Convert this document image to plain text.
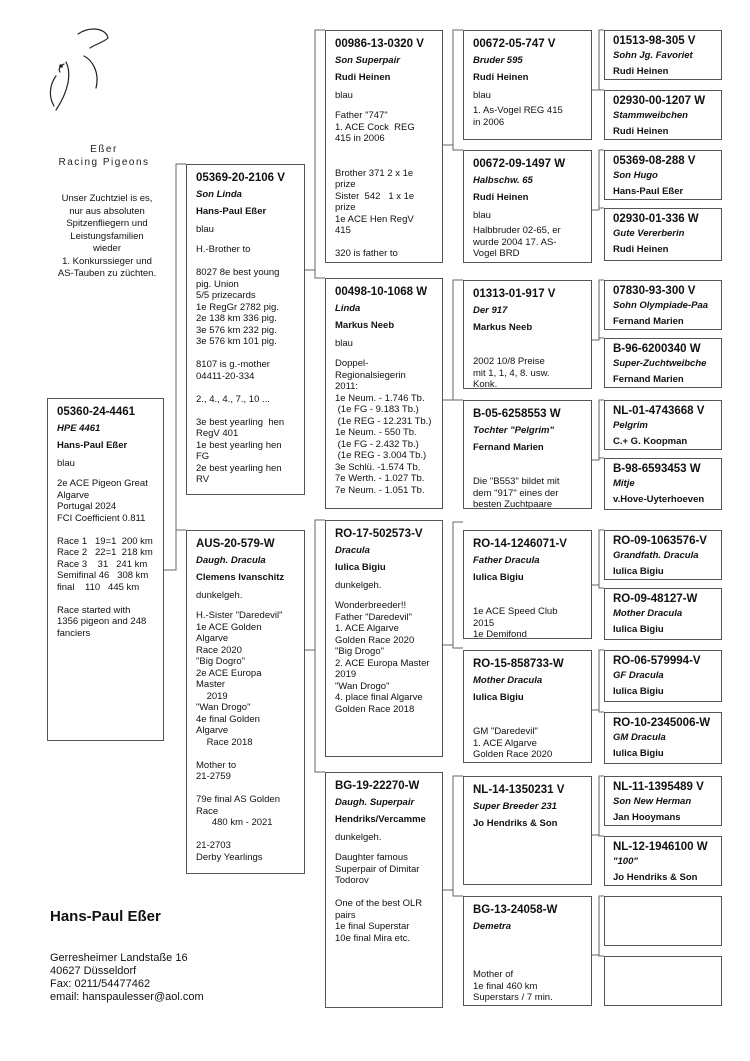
Eßer
Racing Pigeons
Unser Zuchtziel is es,
nur aus absoluten
Spitzenfliegern und
Leistungsfamilien
wieder
1. Konkurssieger und
AS-Tauben zu züchten.
05360-24-4461
HPE 4461
Hans-Paul Eßer
blau
2e ACE Pigeon Great
Algarve
Portugal 2024
FCI Coefficient 0.811

Race 1   19=1  200 km
Race 2   22=1  218 km
Race 3    31   241 km
Semifinal 46   308 km
final    110   445 km

Race started with
1356 pigeon and 248
fanciers
05369-20-2106 V
Son Linda
Hans-Paul Eßer
blau
H.-Brother to

8027 8e best young
pig. Union
5/5 prizecards
1e RegGr 2782 pig.
2e 138 km 336 pig.
3e 576 km 232 pig.
3e 576 km 101 pig.

8107 is g.-mother
04411-20-334

2., 4., 4., 7., 10 ...

3e best yearling  hen
RegV 401
1e best yearling hen
FG
2e best yearling hen
RV
AUS-20-579-W
Daugh. Dracula
Clemens Ivanschitz
dunkelgeh.
H.-Sister "Daredevil"
1e ACE Golden
Algarve
Race 2020
"Big Dogro"
2e ACE Europa
Master
2019
"Wan Drogo"
4e final Golden
Algarve
Race 2018

Mother to
21-2759

79e final AS Golden
Race
480 km - 2021

21-2703
Derby Yearlings
00986-13-0320 V
Son Superpair
Rudi Heinen
blau
Father "747"
1. ACE Cock  REG
415 in 2006

Brother 371 2 x 1e
prize
Sister  542   1 x 1e
prize
1e ACE Hen RegV
415

320 is father to
00498-10-1068 W
Linda
Markus Neeb
blau
Doppel-
Regionalsiegerin
2011:
1e Neum. - 1.746 Tb.
(1e FG - 9.183 Tb.)
(1e REG - 12.231 Tb.)
1e Neum. - 550 Tb.
(1e FG - 2.432 Tb.)
(1e REG - 3.004 Tb.)
3e Schlü. -1.574 Tb.
7e Werth. - 1.027 Tb.
7e Neum. - 1.051 Tb.
RO-17-502573-V
Dracula
Iulica Bigiu
dunkelgeh.
Wonderbreeder!!
Father "Daredevil"
1. ACE Algarve
Golden Race 2020
"Big Drogo"
2. ACE Europa Master
2019
"Wan Drogo"
4. place final Algarve
Golden Race 2018
BG-19-22270-W
Daugh. Superpair
Hendriks/Vercamme
dunkelgeh.
Daughter famous
Superpair of Dimitar
Todorov

One of the best OLR
pairs
1e final Superstar
10e final Mira etc.
00672-05-747 V
Bruder 595
Rudi Heinen
blau
1. As-Vogel REG 415
in 2006
00672-09-1497 W
Halbschw. 65
Rudi Heinen
blau
Halbbruder 02-65, er
wurde 2004 17. AS-
Vogel BRD
01313-01-917 V
Der 917
Markus Neeb
2002 10/8 Preise
mit 1, 1, 4, 8. usw.
Konk.
B-05-6258553 W
Tochter "Pelgrim"
Fernand Marien
Die "B553" bildet mit
dem "917" eines der
besten Zuchtpaare
RO-14-1246071-V
Father Dracula
Iulica Bigiu
1e ACE Speed Club
2015
1e Demifond
RO-15-858733-W
Mother Dracula
Iulica Bigiu
GM "Daredevil"
1. ACE Algarve
Golden Race 2020
NL-14-1350231 V
Super Breeder 231
Jo Hendriks & Son
BG-13-24058-W
Demetra
Mother of
1e final 460 km
Superstars / 7 min.
01513-98-305 V
Sohn Jg. Favoriet
Rudi Heinen
02930-00-1207 W
Stammweibchen
Rudi Heinen
05369-08-288 V
Son Hugo
Hans-Paul Eßer
02930-01-336 W
Gute Vererberin
Rudi Heinen
07830-93-300 V
Sohn Olympiade-Paa
Fernand Marien
B-96-6200340 W
Super-Zuchtweibche
Fernand Marien
NL-01-4743668 V
Pelgrim
C.+ G. Koopman
B-98-6593453 W
Mitje
v.Hove-Uyterhoeven
RO-09-1063576-V
Grandfath. Dracula
Iulica Bigiu
RO-09-48127-W
Mother Dracula
Iulica Bigiu
RO-06-579994-V
GF Dracula
Iulica Bigiu
RO-10-2345006-W
GM Dracula
Iulica Bigiu
NL-11-1395489 V
Son New Herman
Jan Hooymans
NL-12-1946100 W
"100"
Jo Hendriks & Son
Hans-Paul Eßer
Gerresheimer Landstaße 16
40627 Düsseldorf
Fax: 0211/54477462
email: hanspaulesser@aol.com
